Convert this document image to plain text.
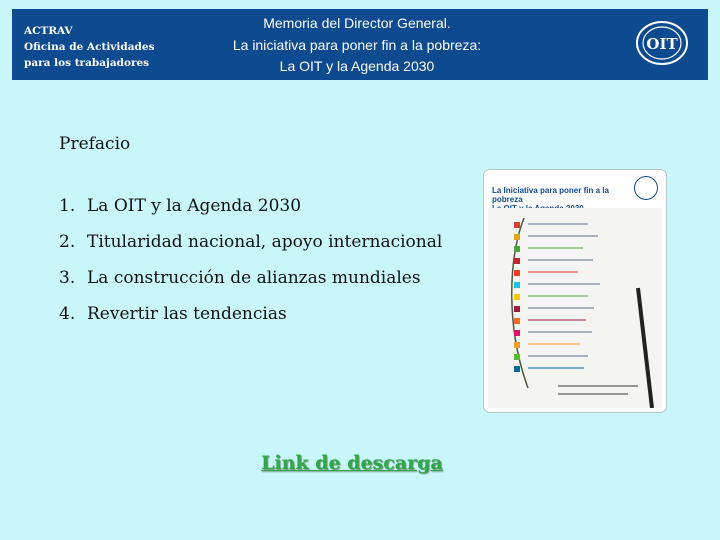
ACTRAV
Oficina de Actividades
para los trabajadores
Memoria del Director General.
La iniciativa para poner fin a la pobreza:
La OIT y la Agenda 2030
OIT
Prefacio
1. La OIT y la Agenda 2030
2. Titularidad nacional, apoyo internacional
3. La construcción de alianzas mundiales
4. Revertir las tendencias
La Iniciativa para poner fin a la pobreza
Link de descarga
